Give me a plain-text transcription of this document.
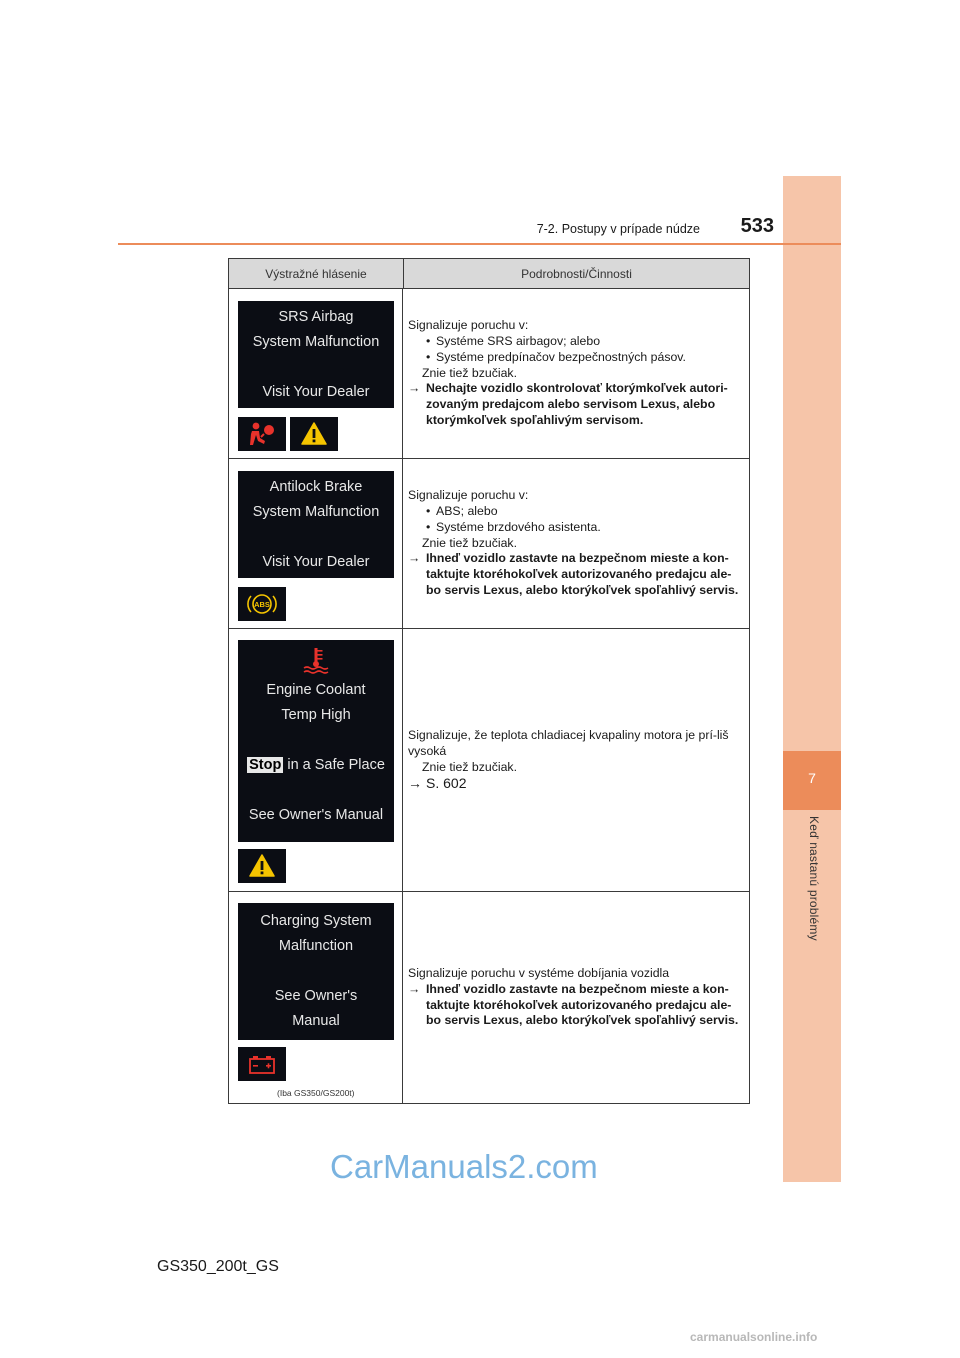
7
Keď nastanú problémy
7-2. Postupy v prípade núdze	533
Výstražné hlásenie	Podrobnosti/Činnosti
SRS Airbag
System Malfunction
Visit Your Dealer
Signalizuje poruchu v:
• Systéme SRS airbagov; alebo
• Systéme predpínačov bezpečnostných pásov.
Znie tiež bzučiak.
→ Nechajte vozidlo skontrolovať ktorýmkoľvek autori-zovaným predajcom alebo servisom Lexus, alebo ktorýmkoľvek spoľahlivým servisom.
Antilock Brake
System Malfunction
Visit Your Dealer
ABS
Signalizuje poruchu v:
• ABS; alebo
• Systéme brzdového asistenta.
Znie tiež bzučiak.
→ Ihneď vozidlo zastavte na bezpečnom mieste a kon-taktujte ktoréhokoľvek autorizovaného predajcu ale-bo servis Lexus, alebo ktorýkoľvek spoľahlivý servis.
Engine Coolant
Temp High
Stop in a Safe Place
See Owner's Manual
Signalizuje, že teplota chladiacej kvapaliny motora je prí-liš vysoká
Znie tiež bzučiak.
→ S. 602
Charging System
Malfunction
See Owner's
Manual
(Iba GS350/GS200t)
Signalizuje poruchu v systéme dobíjania vozidla
→ Ihneď vozidlo zastavte na bezpečnom mieste a kon-taktujte ktoréhokoľvek autorizovaného predajcu ale-bo servis Lexus, alebo ktorýkoľvek spoľahlivý servis.
CarManuals2.com
GS350_200t_GS
carmanualsonline.info
